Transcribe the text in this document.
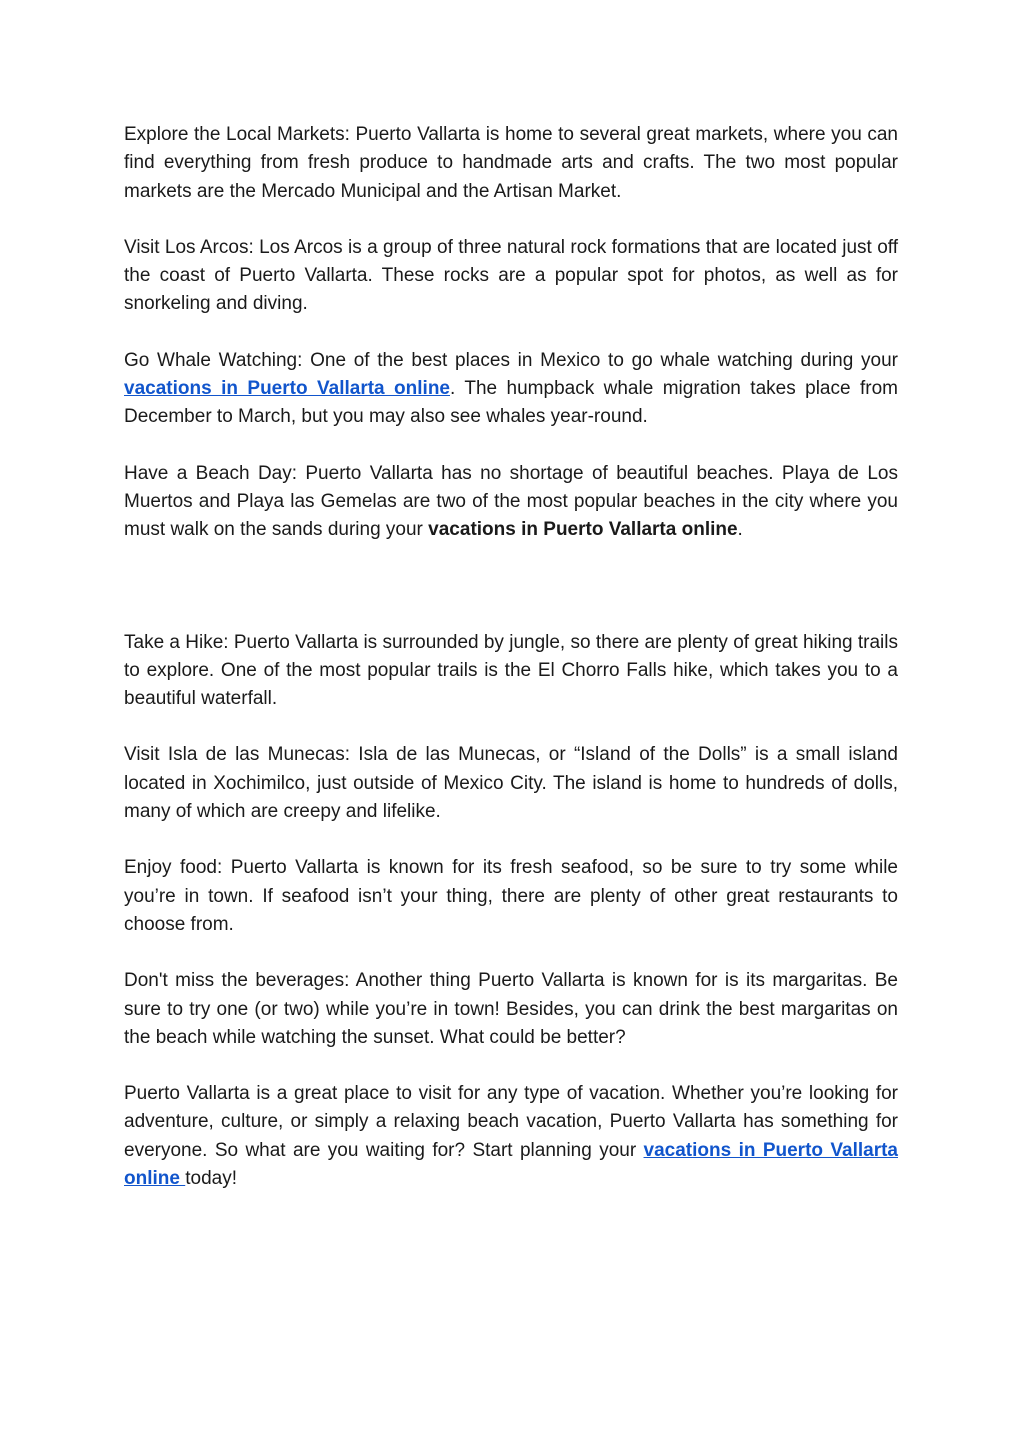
Explore the Local Markets: Puerto Vallarta is home to several great markets, where you can find everything from fresh produce to handmade arts and crafts. The two most popular markets are the Mercado Municipal and the Artisan Market.

Visit Los Arcos: Los Arcos is a group of three natural rock formations that are located just off the coast of Puerto Vallarta. These rocks are a popular spot for photos, as well as for snorkeling and diving.

Go Whale Watching: One of the best places in Mexico to go whale watching during your vacations in Puerto Vallarta online. The humpback whale migration takes place from December to March, but you may also see whales year-round.

Have a Beach Day: Puerto Vallarta has no shortage of beautiful beaches. Playa de Los Muertos and Playa las Gemelas are two of the most popular beaches in the city where you must walk on the sands during your vacations in Puerto Vallarta online.

Take a Hike: Puerto Vallarta is surrounded by jungle, so there are plenty of great hiking trails to explore. One of the most popular trails is the El Chorro Falls hike, which takes you to a beautiful waterfall.

Visit Isla de las Munecas: Isla de las Munecas, or “Island of the Dolls” is a small island located in Xochimilco, just outside of Mexico City. The island is home to hundreds of dolls, many of which are creepy and lifelike.

Enjoy food: Puerto Vallarta is known for its fresh seafood, so be sure to try some while you’re in town. If seafood isn’t your thing, there are plenty of other great restaurants to choose from.

Don't miss the beverages: Another thing Puerto Vallarta is known for is its margaritas. Be sure to try one (or two) while you’re in town! Besides, you can drink the best margaritas on the beach while watching the sunset. What could be better?

Puerto Vallarta is a great place to visit for any type of vacation. Whether you’re looking for adventure, culture, or simply a relaxing beach vacation, Puerto Vallarta has something for everyone. So what are you waiting for? Start planning your vacations in Puerto Vallarta online today!
